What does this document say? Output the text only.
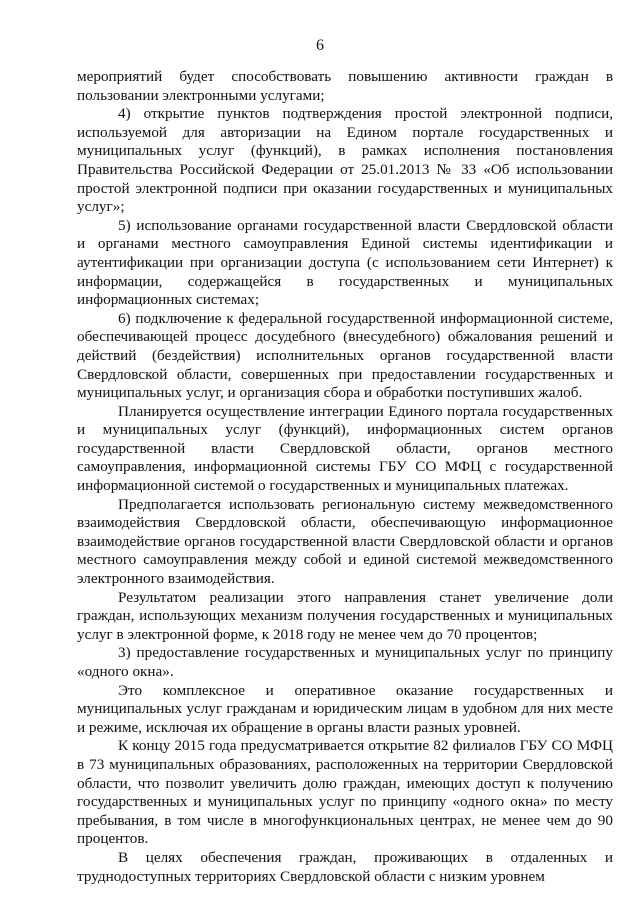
6

мероприятий будет способствовать повышению активности граждан в пользовании электронными услугами;

4) открытие пунктов подтверждения простой электронной подписи, используемой для авторизации на Едином портале государственных и муниципальных услуг (функций), в рамках исполнения постановления Правительства Российской Федерации от 25.01.2013 № 33 «Об использовании простой электронной подписи при оказании государственных и муниципальных услуг»;

5) использование органами государственной власти Свердловской области и органами местного самоуправления Единой системы идентификации и аутентификации при организации доступа (с использованием сети Интернет) к информации, содержащейся в государственных и муниципальных информационных системах;

6) подключение к федеральной государственной информационной системе, обеспечивающей процесс досудебного (внесудебного) обжалования решений и действий (бездействия) исполнительных органов государственной власти Свердловской области, совершенных при предоставлении государственных и муниципальных услуг, и организация сбора и обработки поступивших жалоб.

Планируется осуществление интеграции Единого портала государственных и муниципальных услуг (функций), информационных систем органов государственной власти Свердловской области, органов местного самоуправления, информационной системы ГБУ СО МФЦ с государственной информационной системой о государственных и муниципальных платежах.

Предполагается использовать региональную систему межведомственного взаимодействия Свердловской области, обеспечивающую информационное взаимодействие органов государственной власти Свердловской области и органов местного самоуправления между собой и единой системой межведомственного электронного взаимодействия.

Результатом реализации этого направления станет увеличение доли граждан, использующих механизм получения государственных и муниципальных услуг в электронной форме, к 2018 году не менее чем до 70 процентов;

3) предоставление государственных и муниципальных услуг по принципу «одного окна».

Это комплексное и оперативное оказание государственных и муниципальных услуг гражданам и юридическим лицам в удобном для них месте и режиме, исключая их обращение в органы власти разных уровней.

К концу 2015 года предусматривается открытие 82 филиалов ГБУ СО МФЦ в 73 муниципальных образованиях, расположенных на территории Свердловской области, что позволит увеличить долю граждан, имеющих доступ к получению государственных и муниципальных услуг по принципу «одного окна» по месту пребывания, в том числе в многофункциональных центрах, не менее чем до 90 процентов.

В целях обеспечения граждан, проживающих в отдаленных и труднодоступных территориях Свердловской области с низким уровнем
